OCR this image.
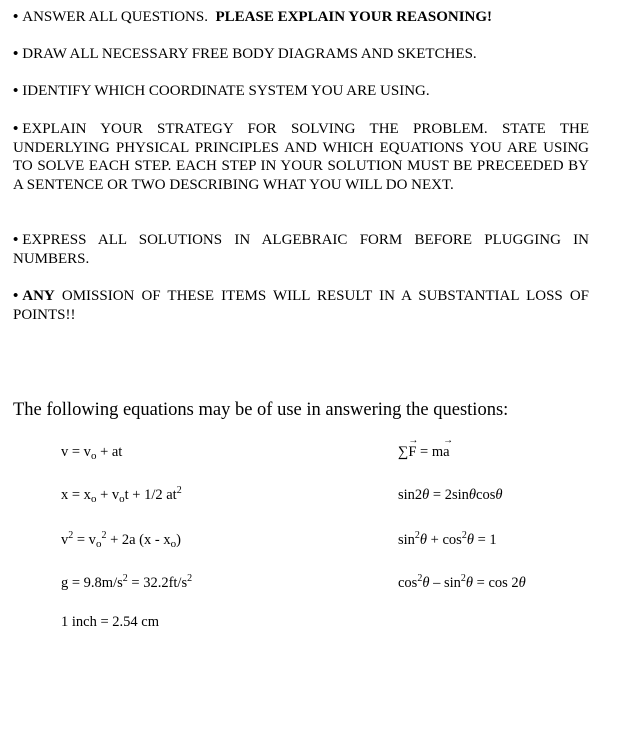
• ANSWER ALL QUESTIONS. PLEASE EXPLAIN YOUR REASONING!
• DRAW ALL NECESSARY FREE BODY DIAGRAMS AND SKETCHES.
• IDENTIFY WHICH COORDINATE SYSTEM YOU ARE USING.
• EXPLAIN YOUR STRATEGY FOR SOLVING THE PROBLEM. STATE THE UNDERLYING PHYSICAL PRINCIPLES AND WHICH EQUATIONS YOU ARE USING TO SOLVE EACH STEP. EACH STEP IN YOUR SOLUTION MUST BE PRECEEDED BY A SENTENCE OR TWO DESCRIBING WHAT YOU WILL DO NEXT.
• EXPRESS ALL SOLUTIONS IN ALGEBRAIC FORM BEFORE PLUGGING IN NUMBERS.
• ANY OMISSION OF THESE ITEMS WILL RESULT IN A SUBSTANTIAL LOSS OF POINTS!!
The following equations may be of use in answering the questions:
$v = v_o$ + at
$x = x_o + v_ot + 1/2$ $at^2$
$v^2 = v_o^2 + 2a$ $(x - x_o)$
$g = 9.8m/s^2 = 32.2ft/s^2$
1 inch = 2.54 cm
∑→ F = m→ a
sin2θ = 2sinθcosθ
$\sin^2\theta + \cos^2\theta = 1$
$\cos^2\theta - \sin^2\theta = \cos 2\theta$
